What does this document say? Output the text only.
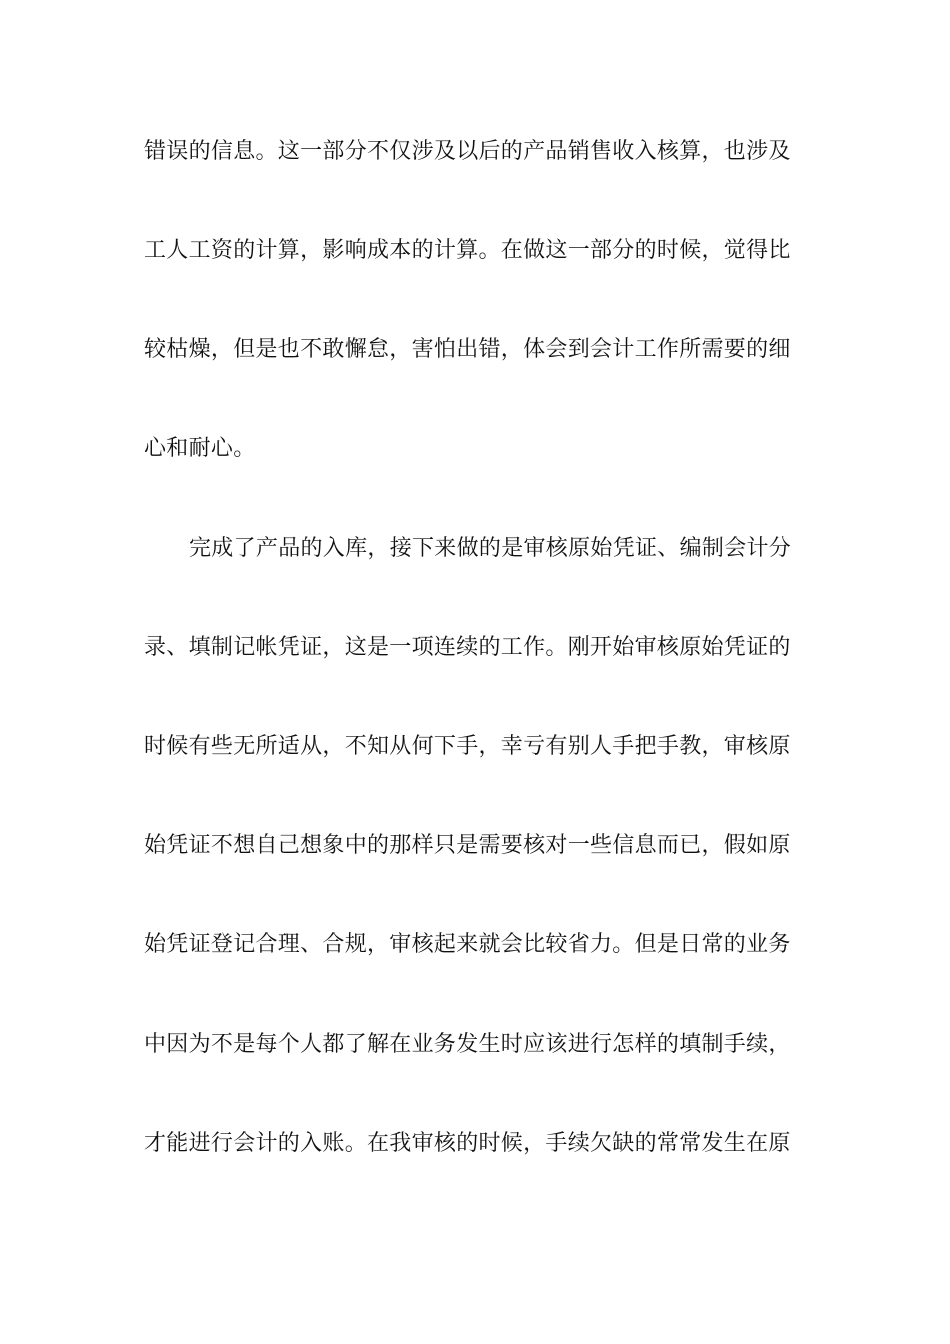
错误的信息。这一部分不仅涉及以后的产品销售收入核算，也涉及

工人工资的计算，影响成本的计算。在做这一部分的时候，觉得比

较枯燥，但是也不敢懈怠，害怕出错，体会到会计工作所需要的细

心和耐心。

完成了产品的入库，接下来做的是审核原始凭证、编制会计分

录、填制记帐凭证，这是一项连续的工作。刚开始审核原始凭证的

时候有些无所适从，不知从何下手，幸亏有别人手把手教，审核原

始凭证不想自己想象中的那样只是需要核对一些信息而已，假如原

始凭证登记合理、合规，审核起来就会比较省力。但是日常的业务

中因为不是每个人都了解在业务发生时应该进行怎样的填制手续，

才能进行会计的入账。在我审核的时候，手续欠缺的常常发生在原
